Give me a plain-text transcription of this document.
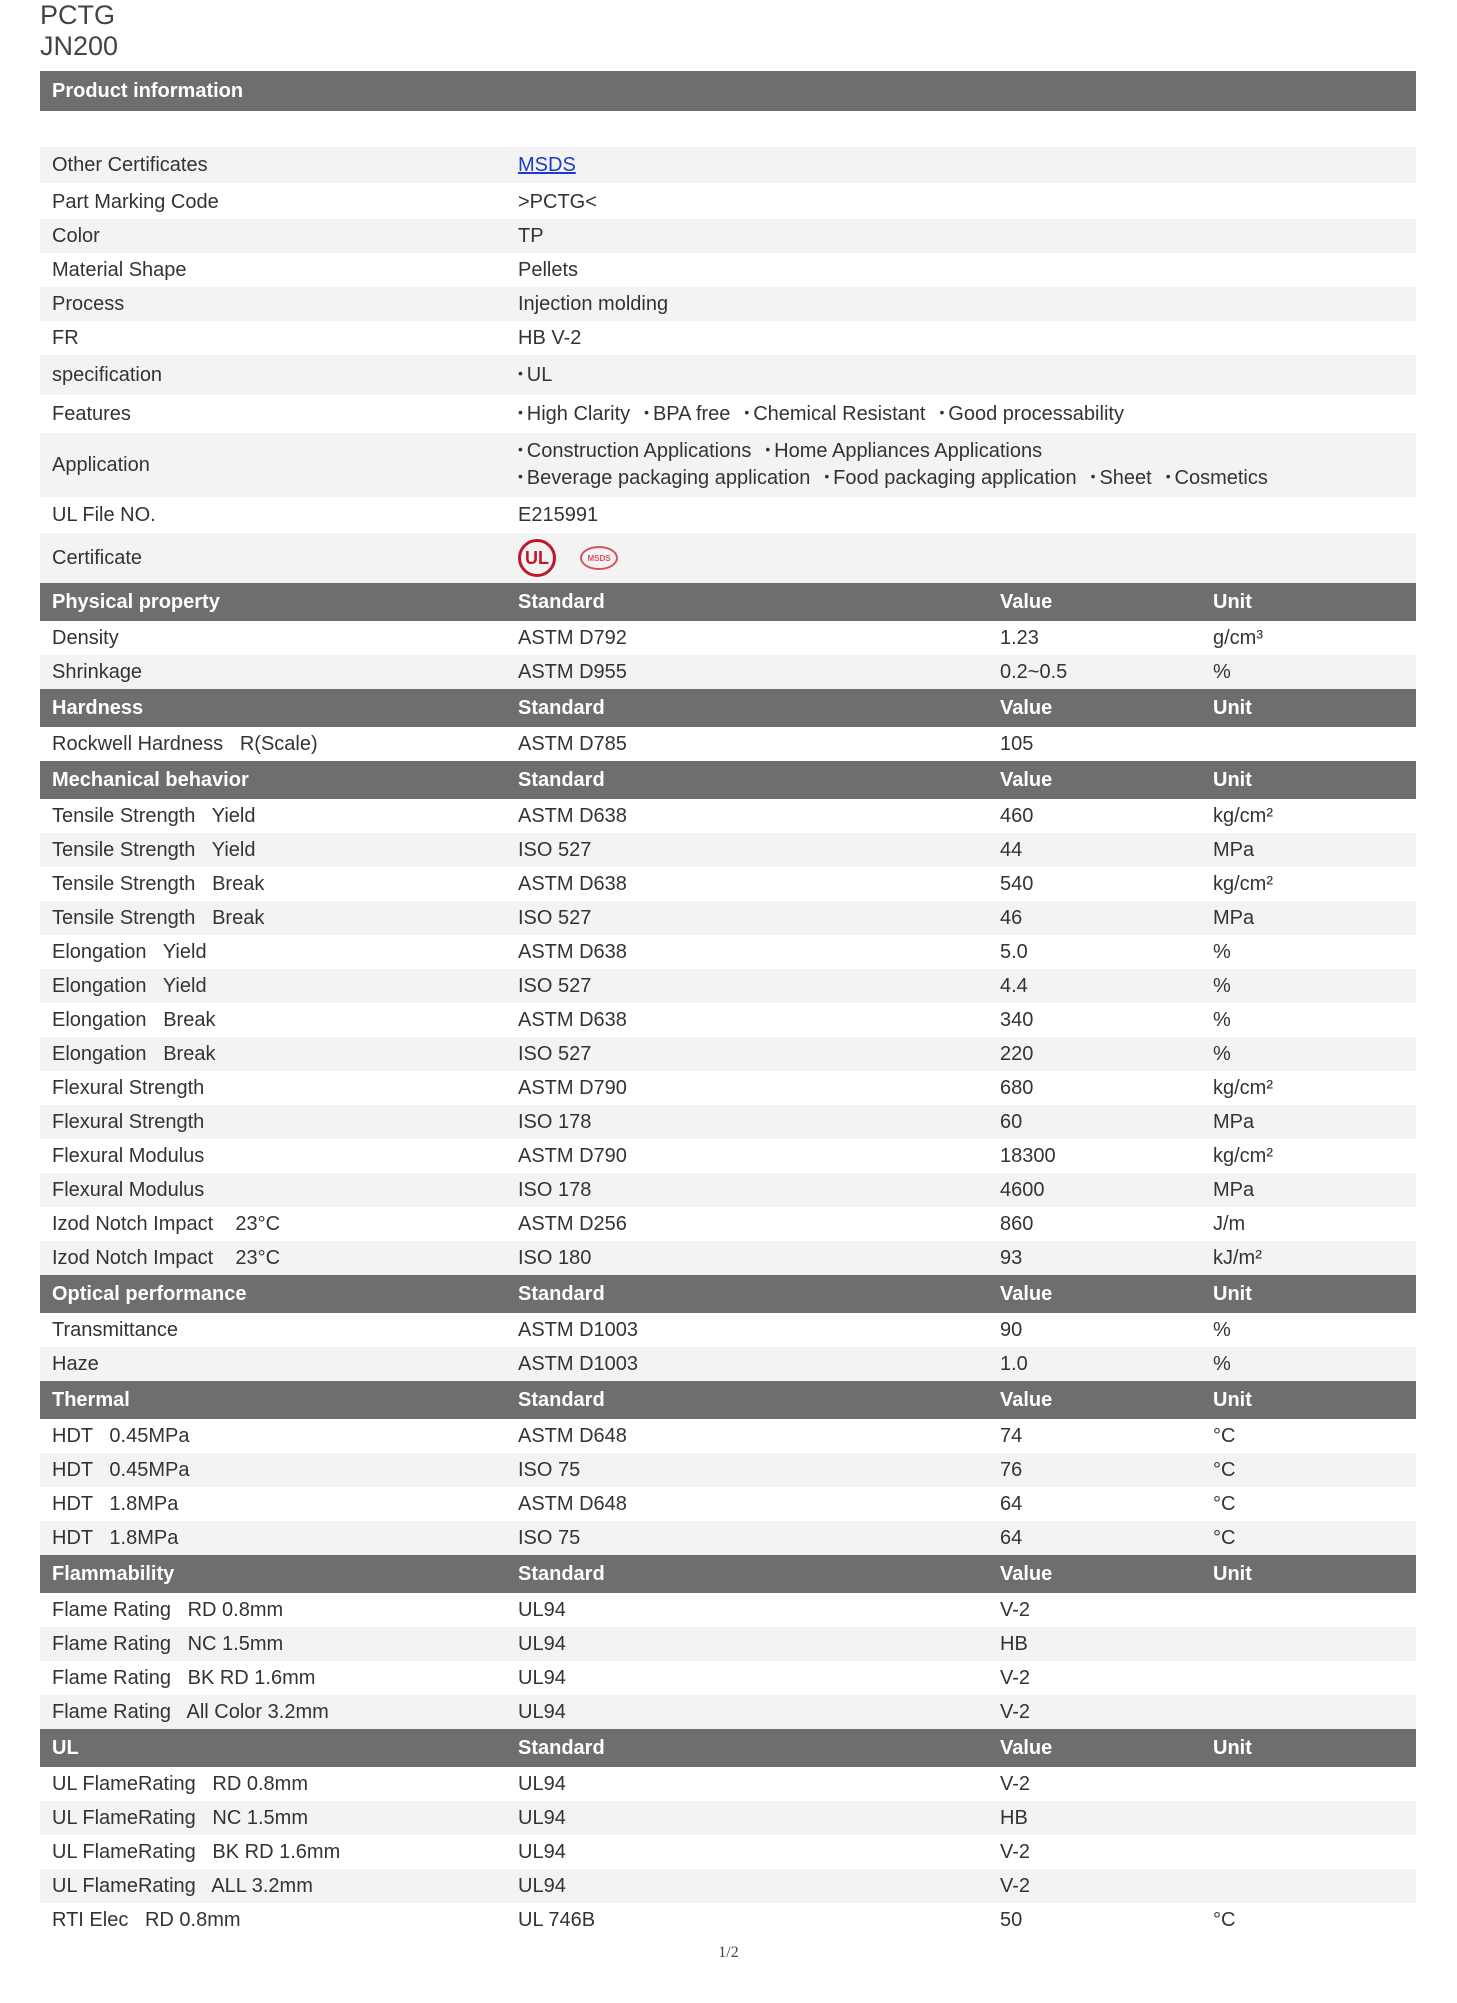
PCTG
JN200
Product information
Other Certificates	MSDS
Part Marking Code	>PCTG<
Color	TP
Material Shape	Pellets
Process	Injection molding
FR	HB V-2
specification	• UL
Features	• High Clarity	• BPA free	• Chemical Resistant	• Good processability
Application
• Construction Applications	• Home Appliances Applications
• Beverage packaging application	• Food packaging application	• Sheet	• Cosmetics
UL File NO.	E215991
Certificate	UL	MSDS
Physical property	Standard	Value	Unit
Density	ASTM D792	1.23	g/cm³
Shrinkage	ASTM D955	0.2~0.5	%
Hardness	Standard	Value	Unit
Rockwell Hardness   R(Scale)	ASTM D785	105
Mechanical behavior	Standard	Value	Unit
Tensile Strength   Yield	ASTM D638	460	kg/cm²
Tensile Strength   Yield	ISO 527	44	MPa
Tensile Strength   Break	ASTM D638	540	kg/cm²
Tensile Strength   Break	ISO 527	46	MPa
Elongation   Yield	ASTM D638	5.0	%
Elongation   Yield	ISO 527	4.4	%
Elongation   Break	ASTM D638	340	%
Elongation   Break	ISO 527	220	%
Flexural Strength	ASTM D790	680	kg/cm²
Flexural Strength	ISO 178	60	MPa
Flexural Modulus	ASTM D790	18300	kg/cm²
Flexural Modulus	ISO 178	4600	MPa
Izod Notch Impact    23°C	ASTM D256	860	J/m
Izod Notch Impact    23°C	ISO 180	93	kJ/m²
Optical performance	Standard	Value	Unit
Transmittance	ASTM D1003	90	%
Haze	ASTM D1003	1.0	%
Thermal	Standard	Value	Unit
HDT   0.45MPa	ASTM D648	74	°C
HDT   0.45MPa	ISO 75	76	°C
HDT   1.8MPa	ASTM D648	64	°C
HDT   1.8MPa	ISO 75	64	°C
Flammability	Standard	Value	Unit
Flame Rating   RD 0.8mm	UL94	V-2
Flame Rating   NC 1.5mm	UL94	HB
Flame Rating   BK RD 1.6mm	UL94	V-2
Flame Rating   All Color 3.2mm	UL94	V-2
UL	Standard	Value	Unit
UL FlameRating   RD 0.8mm	UL94	V-2
UL FlameRating   NC 1.5mm	UL94	HB
UL FlameRating   BK RD 1.6mm	UL94	V-2
UL FlameRating   ALL 3.2mm	UL94	V-2
RTI Elec   RD 0.8mm	UL 746B	50	°C
1/2
